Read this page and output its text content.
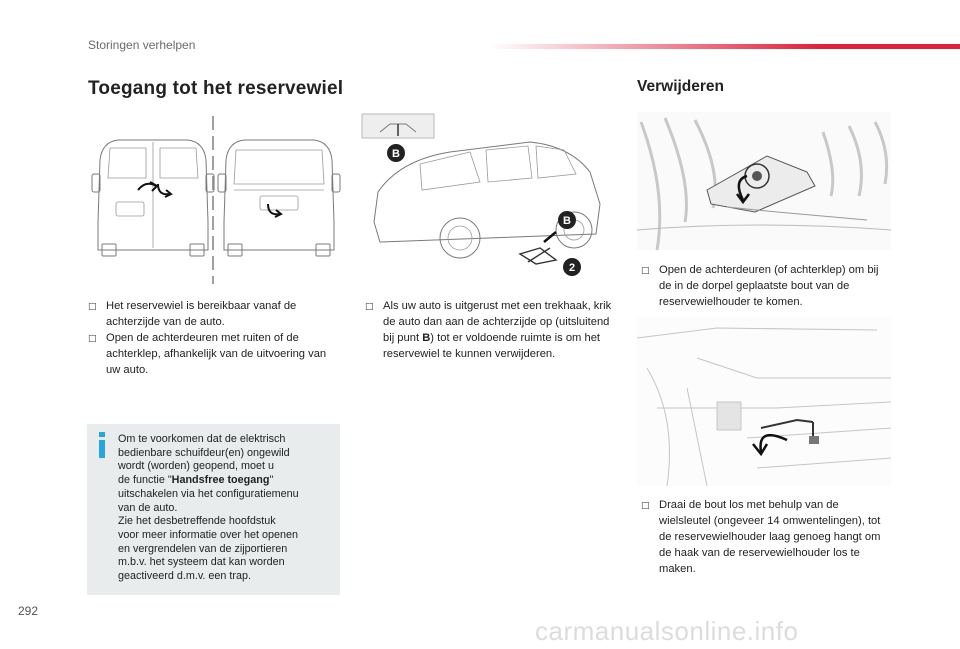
Storingen verhelpen
Toegang tot het reservewiel	Verwijderen
B
B
2
□ Het reservewiel is bereikbaar vanaf de achterzijde van de auto.
□ Open de achterdeuren met ruiten of de achterklep, afhankelijk van de uitvoering van uw auto.
□ Als uw auto is uitgerust met een trekhaak, krik de auto dan aan de achterzijde op (uitsluitend bij punt B) tot er voldoende ruimte is om het reservewiel te kunnen verwijderen.
□ Open de achterdeuren (of achterklep) om bij de in de dorpel geplaatste bout van de reservewielhouder te komen.
□ Draai de bout los met behulp van de wielsleutel (ongeveer 14 omwentelingen), tot de reservewielhouder laag genoeg hangt om de haak van de reservewielhouder los te maken.
Om te voorkomen dat de elektrisch
bedienbare schuifdeur(en) ongewild
wordt (worden) geopend, moet u
de functie "Handsfree toegang"
uitschakelen via het configuratiemenu
van de auto.
Zie het desbetreffende hoofdstuk
voor meer informatie over het openen
en vergrendelen van de zijportieren
m.b.v. het systeem dat kan worden
geactiveerd d.m.v. een trap.
292
carmanualsonline.info
